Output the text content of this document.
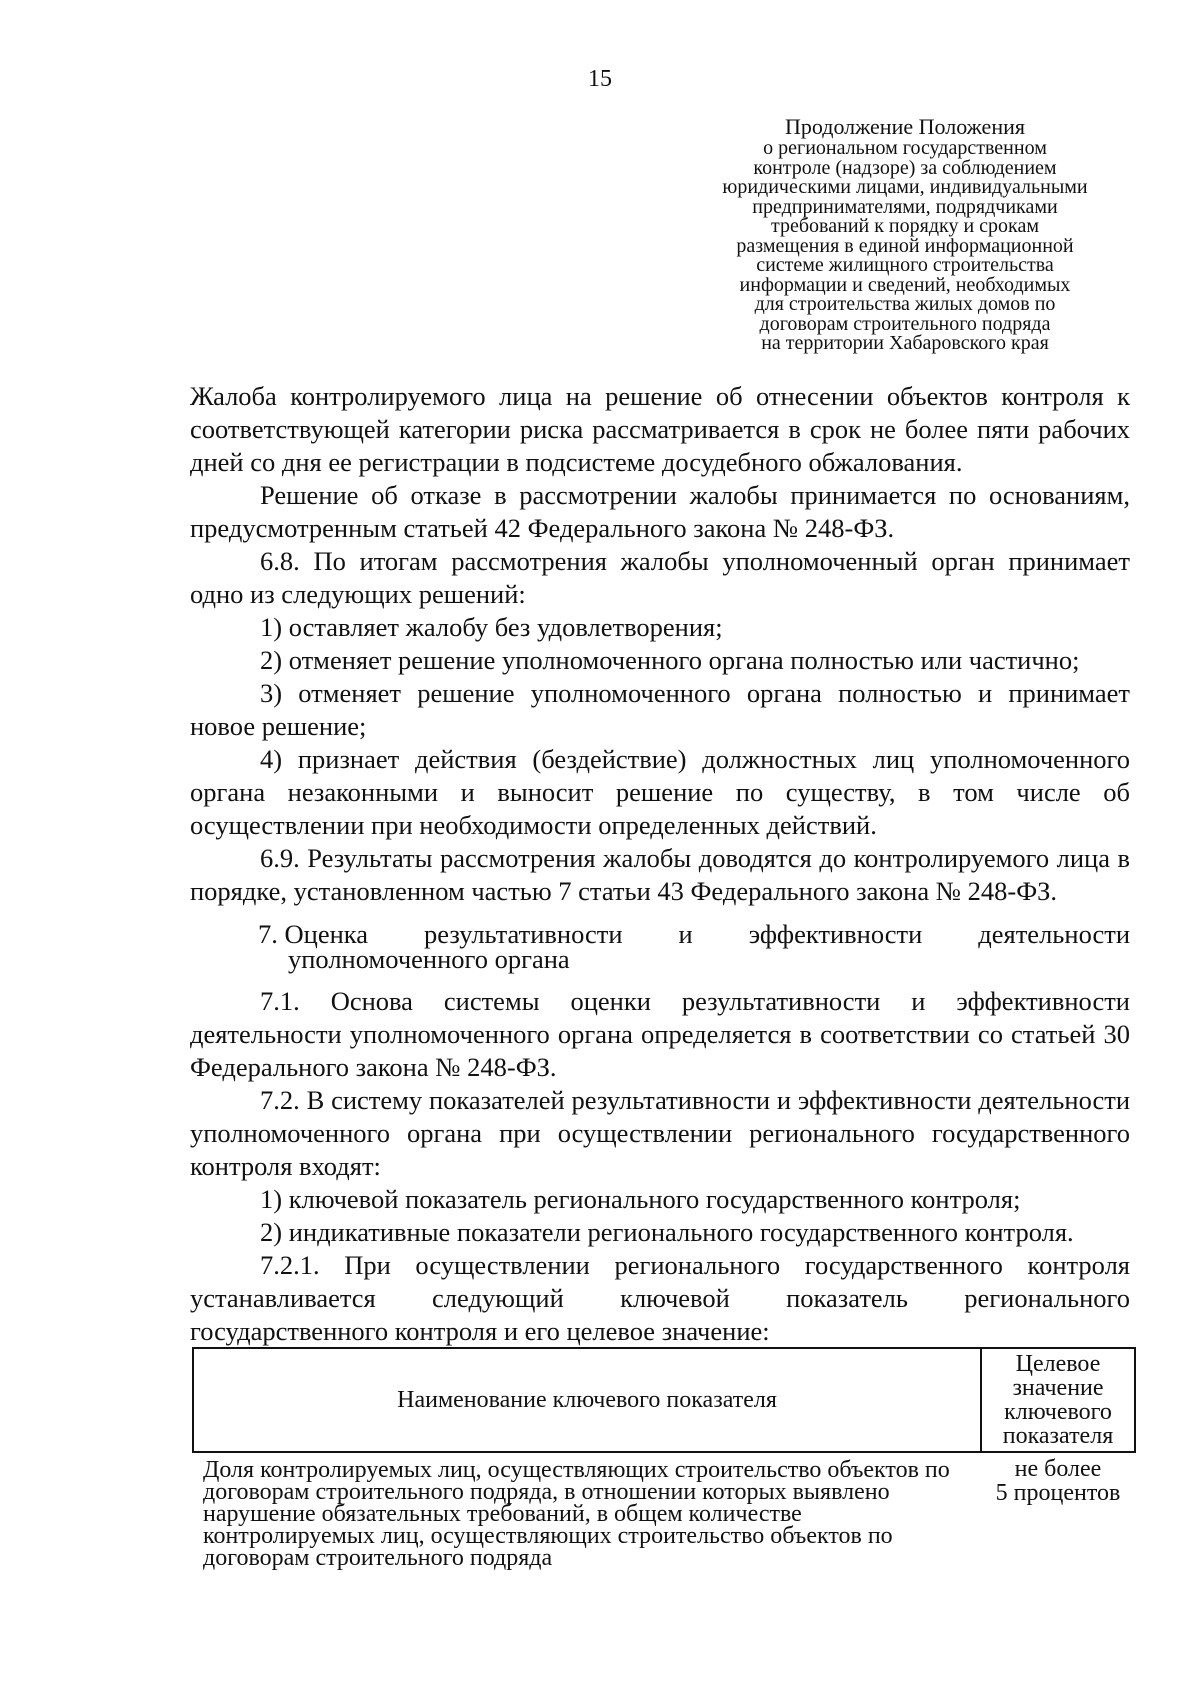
15
Продолжение Положения
о региональном государственном
контроле (надзоре) за соблюдением
юридическими лицами, индивидуальными
предпринимателями, подрядчиками
требований к порядку и срокам
размещения в единой информационной
системе жилищного строительства
информации и сведений, необходимых
для строительства жилых домов по
договорам строительного подряда
на территории Хабаровского края

Жалоба контролируемого лица на решение об отнесении объектов контроля к соответствующей категории риска рассматривается в срок не более пяти рабочих дней со дня ее регистрации в подсистеме досудебного обжалования.

Решение об отказе в рассмотрении жалобы принимается по основаниям, предусмотренным статьей 42 Федерального закона № 248-ФЗ.

6.8. По итогам рассмотрения жалобы уполномоченный орган принимает одно из следующих решений:

1) оставляет жалобу без удовлетворения;

2) отменяет решение уполномоченного органа полностью или частично;

3) отменяет решение уполномоченного органа полностью и принимает новое решение;

4) признает действия (бездействие) должностных лиц уполномоченного органа незаконными и выносит решение по существу, в том числе об осуществлении при необходимости определенных действий.

6.9. Результаты рассмотрения жалобы доводятся до контролируемого лица в порядке, установленном частью 7 статьи 43 Федерального закона № 248-ФЗ.

7. Оценка результативности и эффективности деятельности
уполномоченного органа

7.1. Основа системы оценки результативности и эффективности деятельности уполномоченного органа определяется в соответствии со статьей 30 Федерального закона № 248-ФЗ.

7.2. В систему показателей результативности и эффективности деятельности уполномоченного органа при осуществлении регионального государственного контроля входят:

1) ключевой показатель регионального государственного контроля;

2) индикативные показатели регионального государственного контроля.

7.2.1. При осуществлении регионального государственного контроля устанавливается следующий ключевой показатель регионального государственного контроля и его целевое значение:

Наименование ключевого показателя	Целевое
значение
ключевого
показателя

Доля контролируемых лиц, осуществляющих строительство объектов по договорам строительного подряда, в отношении которых выявлено нарушение обязательных требований, в общем количестве контролируемых лиц, осуществляющих строительство объектов по договорам строительного подряда	не более
5 процентов
